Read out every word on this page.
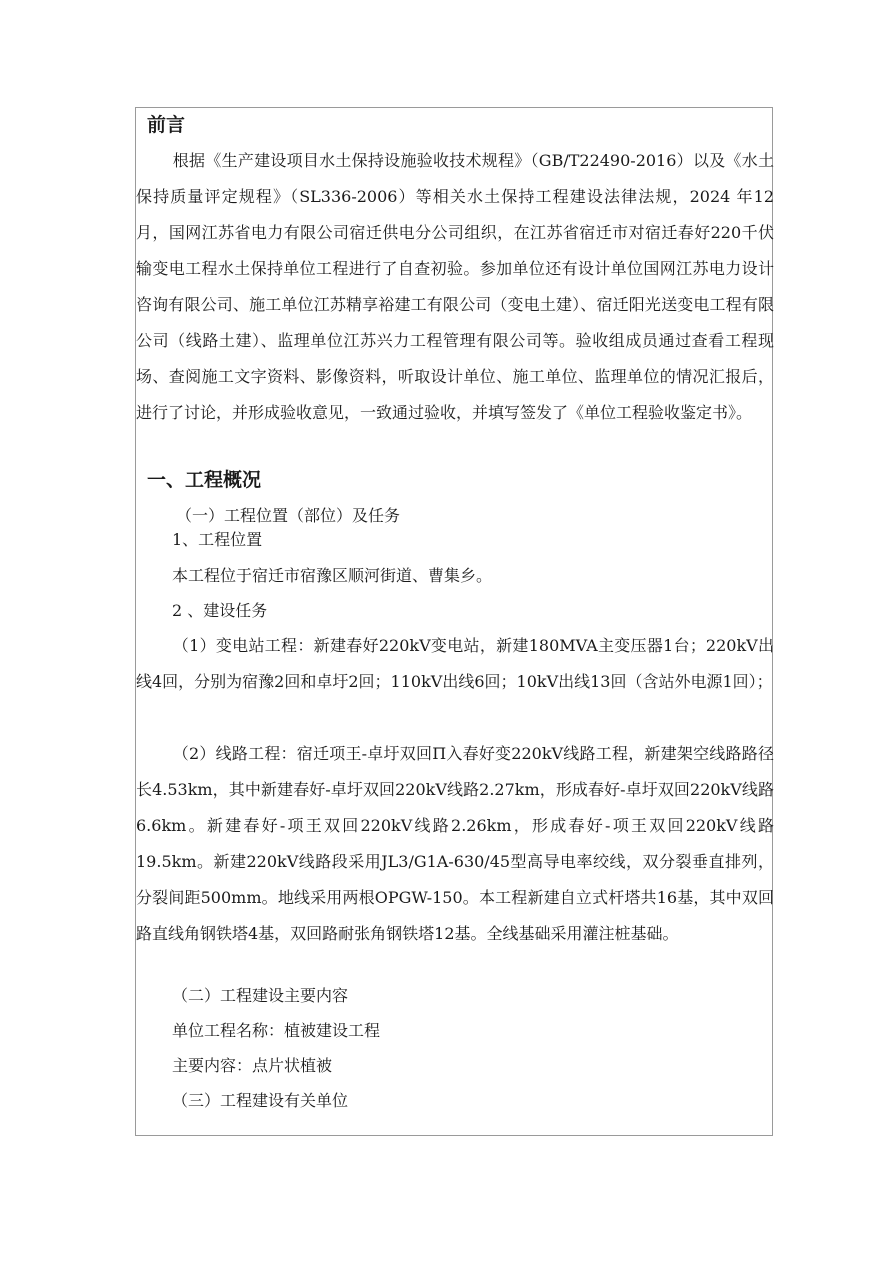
前言

根据《生产建设项目水土保持设施验收技术规程》（GB/T22490-2016）以及《水土保持质量评定规程》（SL336-2006）等相关水土保持工程建设法律法规，2024 年12 月，国网江苏省电力有限公司宿迁供电分公司组织，在江苏省宿迁市对宿迁春好220千伏输变电工程水土保持单位工程进行了自查初验。参加单位还有设计单位国网江苏电力设计咨询有限公司、施工单位江苏精享裕建工有限公司（变电土建）、宿迁阳光送变电工程有限公司（线路土建）、监理单位江苏兴力工程管理有限公司等。验收组成员通过查看工程现场、查阅施工文字资料、影像资料，听取设计单位、施工单位、监理单位的情况汇报后，进行了讨论，并形成验收意见，一致通过验收，并填写签发了《单位工程验收鉴定书》。

一、工程概况
（一）工程位置（部位）及任务
1、工程位置
本工程位于宿迁市宿豫区顺河街道、曹集乡。
2 、建设任务

（1）变电站工程：新建春好220kV变电站，新建180MVA主变压器1台；220kV出线4回，分别为宿豫2回和卓圩2回；110kV出线6回；10kV出线13回（含站外电源1回）；

（2）线路工程：宿迁项王-卓圩双回Π入春好变220kV线路工程，新建架空线路路径长4.53km，其中新建春好-卓圩双回220kV线路2.27km，形成春好-卓圩双回220kV线路6.6km。新建春好-项王双回220kV线路2.26km，形成春好-项王双回220kV线路19.5km。新建220kV线路段采用JL3/G1A-630/45型高导电率绞线，双分裂垂直排列，分裂间距500mm。地线采用两根OPGW-150。本工程新建自立式杆塔共16基，其中双回路直线角钢铁塔4基，双回路耐张角钢铁塔12基。全线基础采用灌注桩基础。

（二）工程建设主要内容
单位工程名称：植被建设工程
主要内容：点片状植被
（三）工程建设有关单位
